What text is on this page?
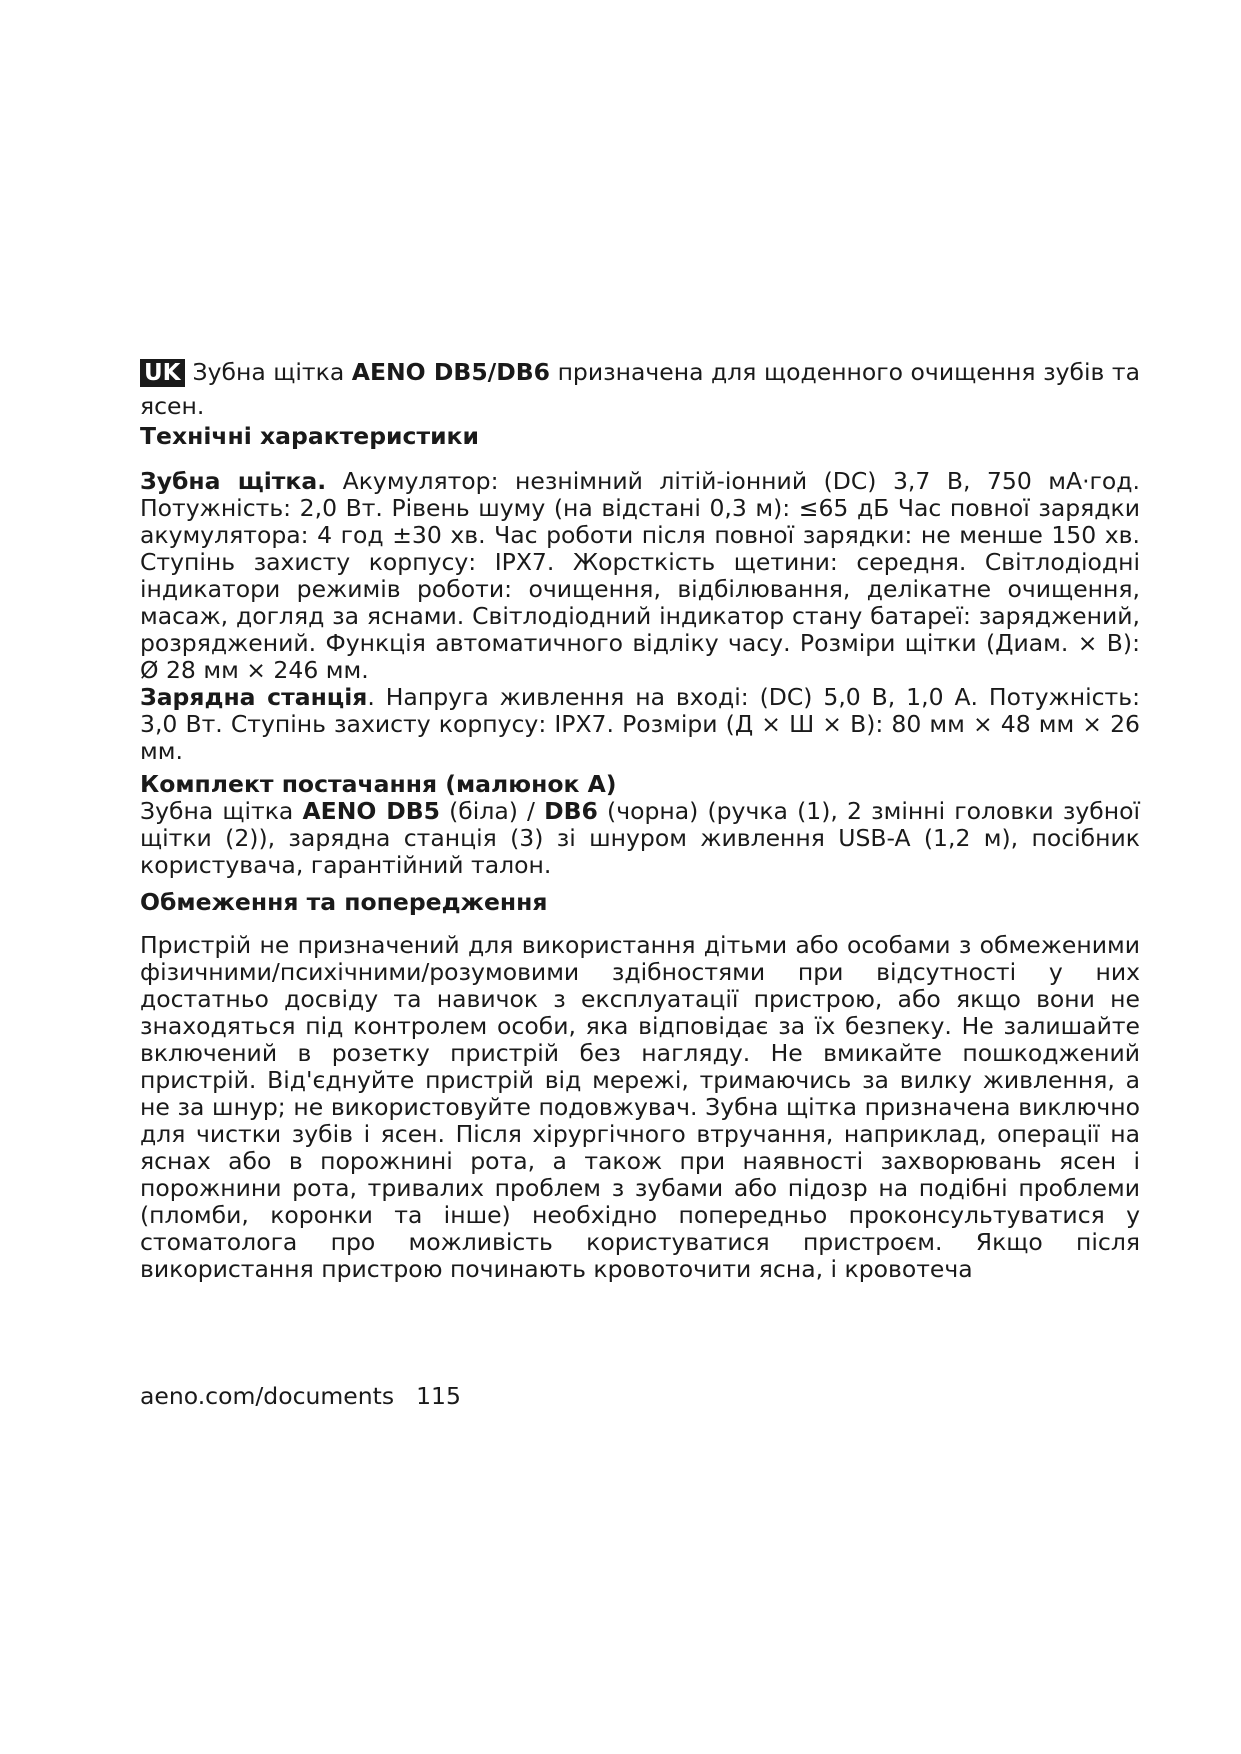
UK Зубна щітка AENO DB5/DB6 призначена для щоденного очищення зубів та ясен.

Технічні характеристики

Зубна щітка. Акумулятор: незнімний літій-іонний (DC) 3,7 В, 750 мА·год. Потужність: 2,0 Вт. Рівень шуму (на відстані 0,3 м): ≤65 дБ Час повної зарядки акумулятора: 4 год ±30 хв. Час роботи після повної зарядки: не менше 150 хв. Ступінь захисту корпусу: IPX7. Жорсткість щетини: середня. Світлодіодні індикатори режимів роботи: очищення, відбілювання, делікатне очищення, масаж, догляд за яснами. Світлодіодний індикатор стану батареї: заряджений, розряджений. Функція автоматичного відліку часу. Розміри щітки (Диам. × В): Ø 28 мм × 246 мм.

Зарядна станція. Напруга живлення на вході: (DC) 5,0 В, 1,0 А. Потужність: 3,0 Вт. Ступінь захисту корпусу: IPX7. Розміри (Д × Ш × В): 80 мм × 48 мм × 26 мм.

Комплект постачання (малюнок А)

Зубна щітка AENO DB5 (біла) / DB6 (чорна) (ручка (1), 2 змінні головки зубної щітки (2)), зарядна станція (3) зі шнуром живлення USB-A (1,2 м), посібник користувача, гарантійний талон.

Обмеження та попередження

Пристрій не призначений для використання дітьми або особами з обмеженими фізичними/психічними/розумовими здібностями при відсутності у них достатньо досвіду та навичок з експлуатації пристрою, або якщо вони не знаходяться під контролем особи, яка відповідає за їх безпеку. Не залишайте включений в розетку пристрій без нагляду. Не вмикайте пошкоджений пристрій. Від'єднуйте пристрій від мережі, тримаючись за вилку живлення, а не за шнур; не використовуйте подовжувач. Зубна щітка призначена виключно для чистки зубів і ясен. Після хірургічного втручання, наприклад, операції на яснах або в порожнині рота, а також при наявності захворювань ясен і порожнини рота, тривалих проблем з зубами або підозр на подібні проблеми (пломби, коронки та інше) необхідно попередньо проконсультуватися у стоматолога про можливість користуватися пристроєм. Якщо після використання пристрою починають кровоточити ясна, і кровотеча

aeno.com/documents 115
